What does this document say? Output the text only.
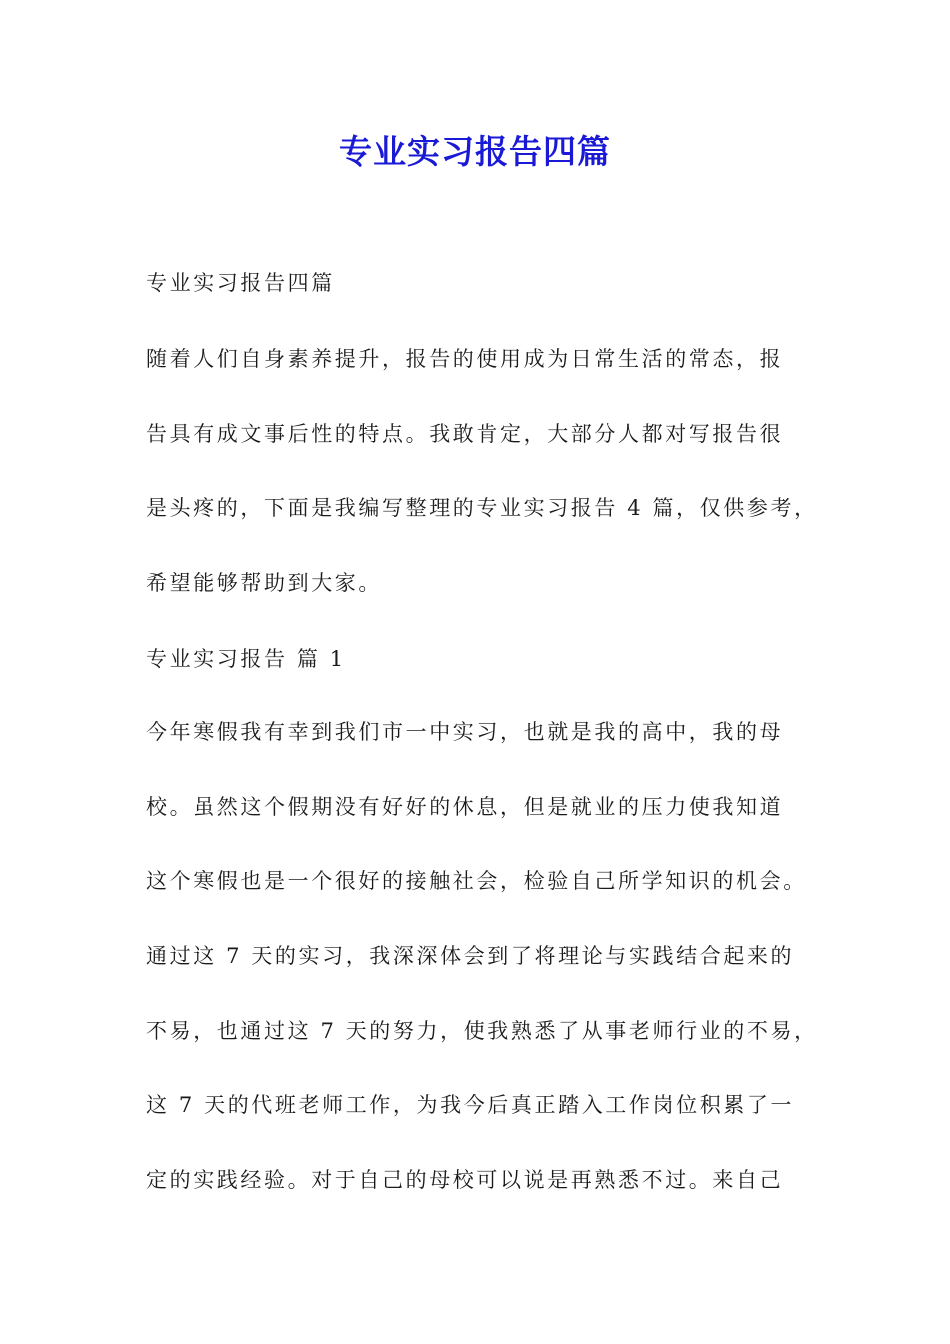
专业实习报告四篇

专业实习报告四篇

随着人们自身素养提升，报告的使用成为日常生活的常态，报

告具有成文事后性的特点。我敢肯定，大部分人都对写报告很

是头疼的，下面是我编写整理的专业实习报告 4 篇，仅供参考，

希望能够帮助到大家。

专业实习报告 篇 1

今年寒假我有幸到我们市一中实习，也就是我的高中，我的母

校。虽然这个假期没有好好的休息，但是就业的压力使我知道

这个寒假也是一个很好的接触社会，检验自己所学知识的机会。

通过这 7 天的实习，我深深体会到了将理论与实践结合起来的

不易，也通过这 7 天的努力，使我熟悉了从事老师行业的不易，

这 7 天的代班老师工作，为我今后真正踏入工作岗位积累了一

定的实践经验。对于自己的母校可以说是再熟悉不过。来自己
